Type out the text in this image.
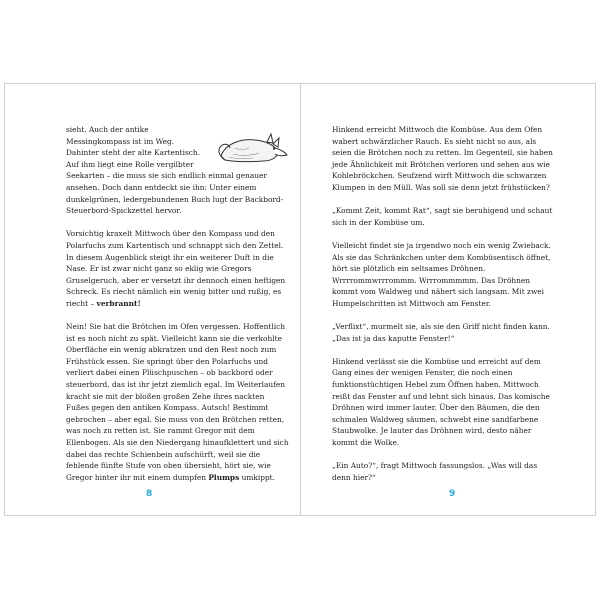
sieht. Auch der antike Messingkompass ist im Weg. Dahinter steht der alte Kartentisch. Auf ihm liegt eine Rolle vergilbter Seekarten – die muss sie sich endlich einmal genauer ansehen. Doch dann entdeckt sie ihn: Unter einem dunkelgrünen, ledergebundenen Buch lugt der Backbord-Steuerbord-Spickzettel hervor.

Vorsichtig kraxelt Mittwoch über den Kompass und den Polarfuchs zum Kartentisch und schnappt sich den Zettel. In diesem Augenblick steigt ihr ein weiterer Duft in die Nase. Er ist zwar nicht ganz so eklig wie Gregors Gruselgeruch, aber er versetzt ihr dennoch einen heftigen Schreck. Es riecht nämlich ein wenig bitter und rußig, es riecht – verbrannt!

Nein! Sie hat die Brötchen im Ofen vergessen. Hoffentlich ist es noch nicht zu spät. Vielleicht kann sie die verkohlte Oberfläche ein wenig abkratzen und den Rest noch zum Frühstück essen. Sie springt über den Polarfuchs und verliert dabei einen Plüschpuschen – ob backbord oder steuerbord, das ist ihr jetzt ziemlich egal. Im Weiterlaufen kracht sie mit der bloßen großen Zehe ihres nackten Fußes gegen den antiken Kompass. Autsch! Bestimmt gebrochen – aber egal. Sie muss von den Brötchen retten, was noch zu retten ist. Sie rammt Gregor mit dem Ellenbogen. Als sie den Niedergang hinaufklettert und sich dabei das rechte Schienbein aufschürft, weil sie die fehlende fünfte Stufe von oben übersieht, hört sie, wie Gregor hinter ihr mit einem dumpfen Plumps umkippt.

Hinkend erreicht Mittwoch die Kombüse. Aus dem Ofen wabert schwärzlicher Rauch. Es sieht nicht so aus, als seien die Brötchen noch zu retten. Im Gegenteil, sie haben jede Ähnlichkeit mit Brötchen verloren und sehen aus wie Kohlebröckchen. Seufzend wirft Mittwoch die schwarzen Klumpen in den Müll. Was soll sie denn jetzt frühstücken?

„Kommt Zeit, kommt Rat“, sagt sie beruhigend und schaut sich in der Kombüse um.

Vielleicht findet sie ja irgendwo noch ein wenig Zwieback. Als sie das Schränkchen unter dem Kombüsentisch öffnet, hört sie plötzlich ein seltsames Dröhnen. Wrrrrommwrrrommm. Wrrrommmmm. Das Dröhnen kommt vom Waldweg und nähert sich langsam. Mit zwei Humpelschritten ist Mittwoch am Fenster.

„Verflixt“, murmelt sie, als sie den Griff nicht finden kann. „Das ist ja das kaputte Fenster!“

Hinkend verlässt sie die Kombüse und erreicht auf dem Gang eines der wenigen Fenster, die noch einen funktionstüchtigen Hebel zum Öffnen haben. Mittwoch reißt das Fenster auf und lehnt sich hinaus. Das komische Dröhnen wird immer lauter. Über den Bäumen, die den schmalen Waldweg säumen, schwebt eine sandfarbene Staubwolke. Je lauter das Dröhnen wird, desto näher kommt die Wolke.

„Ein Auto?“, fragt Mittwoch fassungslos. „Was will das denn hier?“

8	9
